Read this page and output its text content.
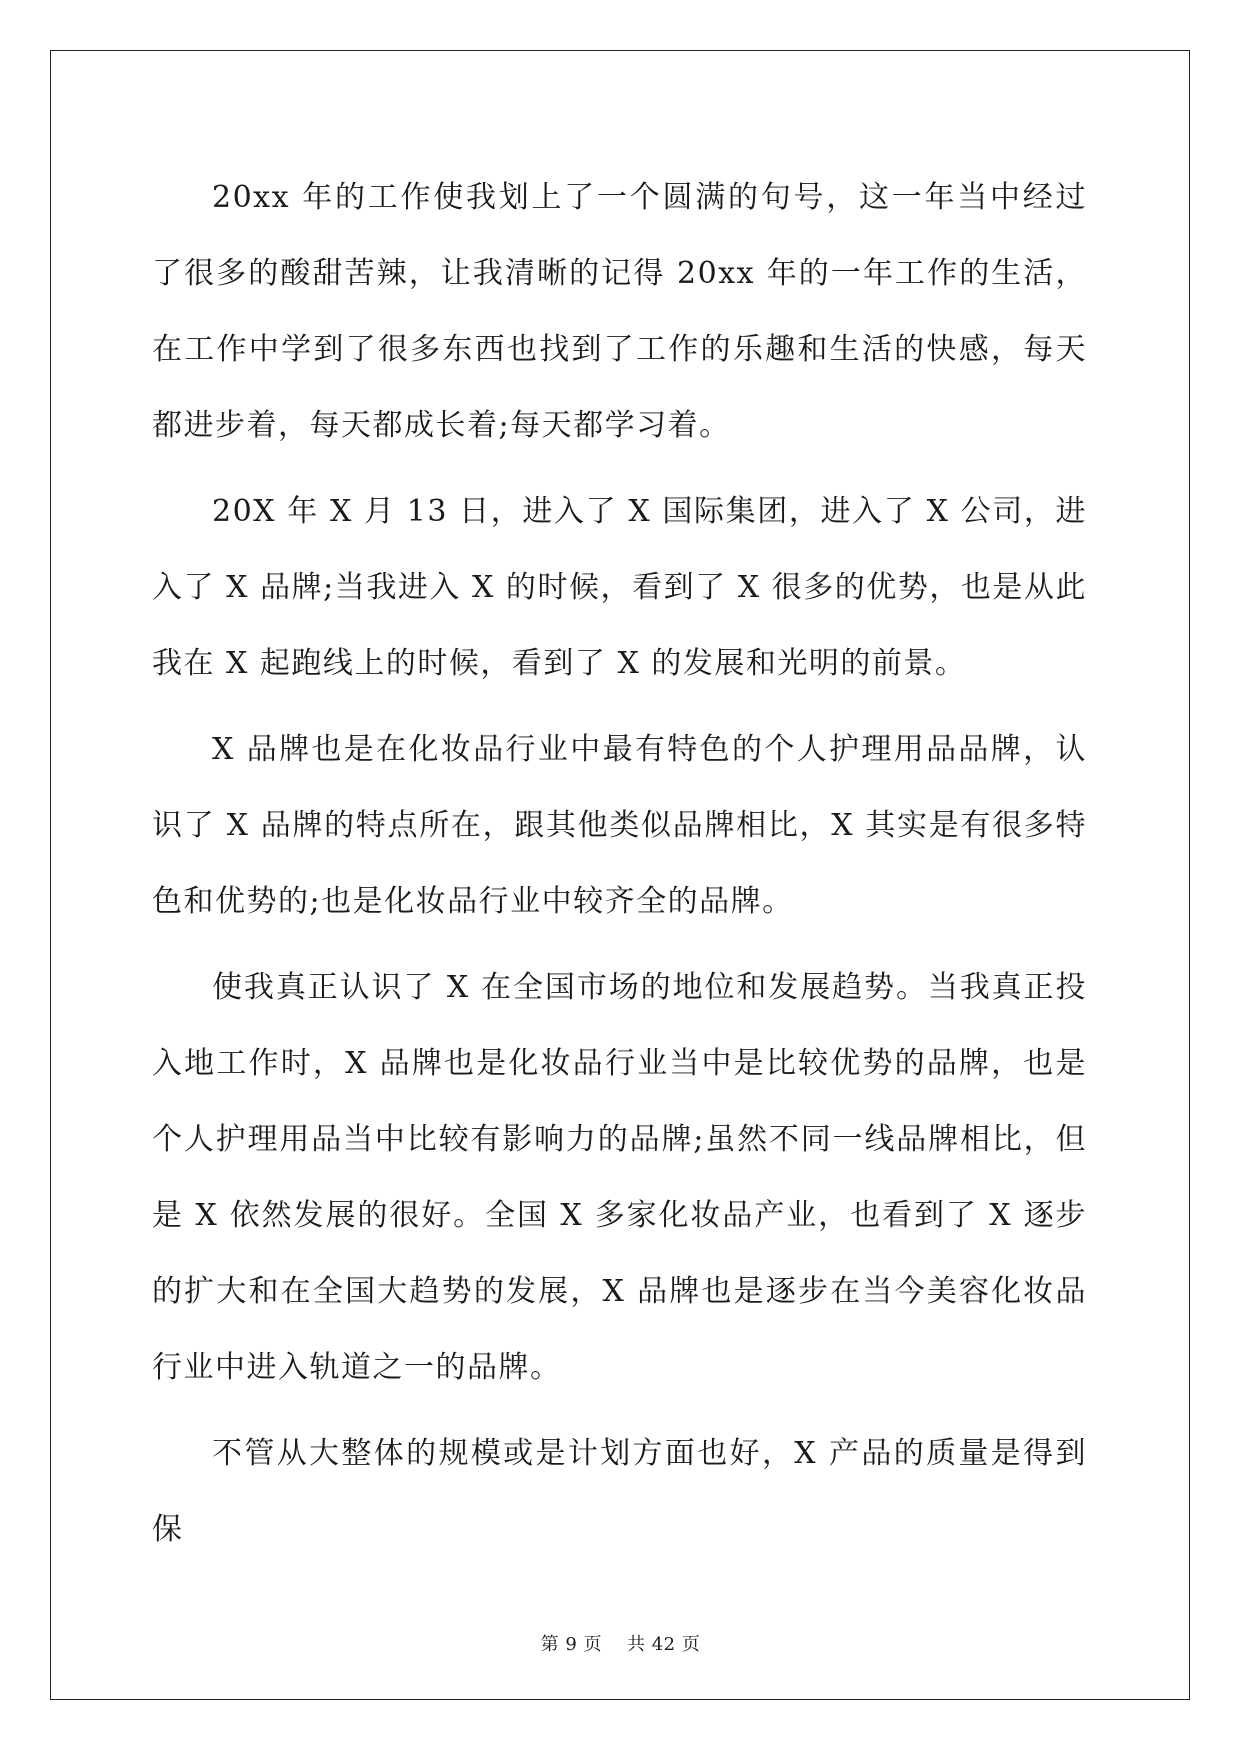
20xx 年的工作使我划上了一个圆满的句号，这一年当中经过了很多的酸甜苦辣，让我清晰的记得 20xx 年的一年工作的生活，在工作中学到了很多东西也找到了工作的乐趣和生活的快感，每天都进步着，每天都成长着;每天都学习着。

20X 年 X 月 13 日，进入了 X 国际集团，进入了 X 公司，进入了 X 品牌;当我进入 X 的时候，看到了 X 很多的优势，也是从此我在 X 起跑线上的时候，看到了 X 的发展和光明的前景。

X 品牌也是在化妆品行业中最有特色的个人护理用品品牌，认识了 X 品牌的特点所在，跟其他类似品牌相比，X 其实是有很多特色和优势的;也是化妆品行业中较齐全的品牌。

使我真正认识了 X 在全国市场的地位和发展趋势。当我真正投入地工作时，X 品牌也是化妆品行业当中是比较优势的品牌，也是个人护理用品当中比较有影响力的品牌;虽然不同一线品牌相比，但是 X 依然发展的很好。全国 X 多家化妆品产业，也看到了 X 逐步的扩大和在全国大趋势的发展，X 品牌也是逐步在当今美容化妆品行业中进入轨道之一的品牌。

不管从大整体的规模或是计划方面也好，X 产品的质量是得到保

第 9 页 共 42 页
